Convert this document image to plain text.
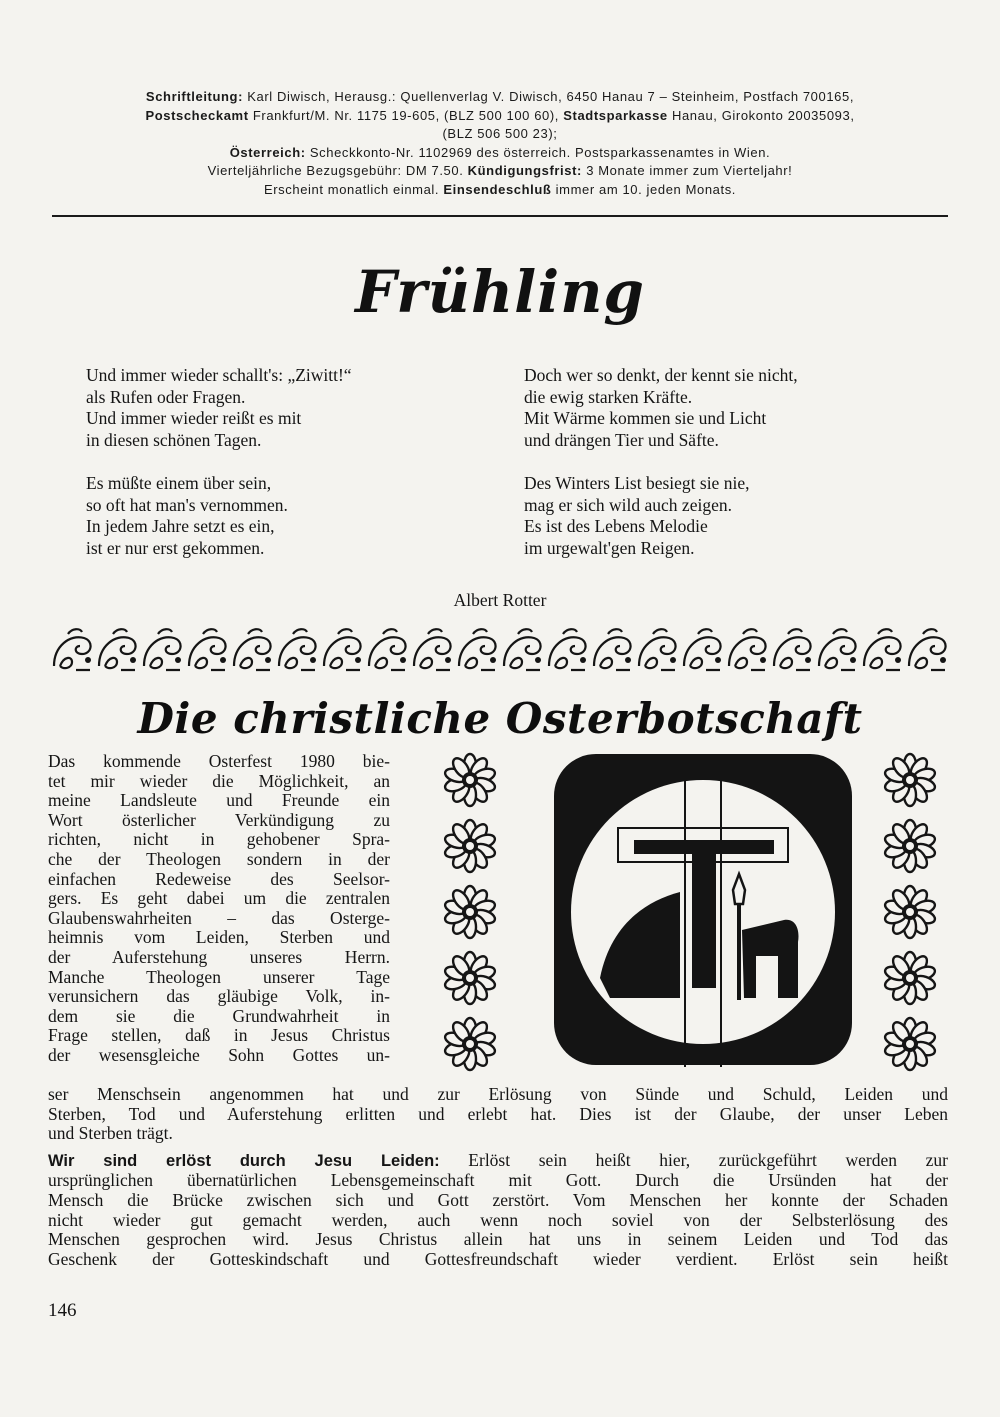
Schriftleitung: Karl Diwisch, Herausg.: Quellenverlag V. Diwisch, 6450 Hanau 7 – Steinheim, Postfach 700165,

Postscheckamt Frankfurt/M. Nr. 1175 19-605, (BLZ 500 100 60), Stadtsparkasse Hanau, Girokonto 20035093,

(BLZ 506 500 23);

Österreich: Scheckkonto-Nr. 1102969 des österreich. Postsparkassenamtes in Wien.

Vierteljährliche Bezugsgebühr: DM 7.50. Kündigungsfrist: 3 Monate immer zum Vierteljahr!

Erscheint monatlich einmal. Einsendeschluß immer am 10. jeden Monats.

Frühling
Und immer wieder schallt's: „Ziwitt!“
als Rufen oder Fragen.
Und immer wieder reißt es mit
in diesen schönen Tagen.
Es müßte einem über sein,
so oft hat man's vernommen.
In jedem Jahre setzt es ein,
ist er nur erst gekommen.
Doch wer so denkt, der kennt sie nicht,
die ewig starken Kräfte.
Mit Wärme kommen sie und Licht
und drängen Tier und Säfte.
Des Winters List besiegt sie nie,
mag er sich wild auch zeigen.
Es ist des Lebens Melodie
im urgewalt'gen Reigen.
Albert Rotter
Die christliche Osterbotschaft
Das kommende Osterfest 1980 bie-
tet mir wieder die Möglichkeit, an
meine Landsleute und Freunde ein
Wort österlicher Verkündigung zu
richten, nicht in gehobener Spra-
che der Theologen sondern in der
einfachen Redeweise des Seelsor-
gers. Es geht dabei um die zentralen
Glaubenswahrheiten – das Osterge-
heimnis vom Leiden, Sterben und
der Auferstehung unseres Herrn.
Manche Theologen unserer Tage
verunsichern das gläubige Volk, in-
dem sie die Grundwahrheit in
Frage stellen, daß in Jesus Christus
der wesensgleiche Sohn Gottes un-
ser Menschsein angenommen hat und zur Erlösung von Sünde und Schuld, Leiden und
Sterben, Tod und Auferstehung erlitten und erlebt hat. Dies ist der Glaube, der unser Leben
und Sterben trägt.
Wir sind erlöst durch Jesu Leiden: Erlöst sein heißt hier, zurückgeführt werden zur
ursprünglichen übernatürlichen Lebensgemeinschaft mit Gott. Durch die Ursünden hat der
Mensch die Brücke zwischen sich und Gott zerstört. Vom Menschen her konnte der Schaden
nicht wieder gut gemacht werden, auch wenn noch soviel von der Selbsterlösung des
Menschen gesprochen wird. Jesus Christus allein hat uns in seinem Leiden und Tod das
Geschenk der Gotteskindschaft und Gottesfreundschaft wieder verdient. Erlöst sein heißt
146
